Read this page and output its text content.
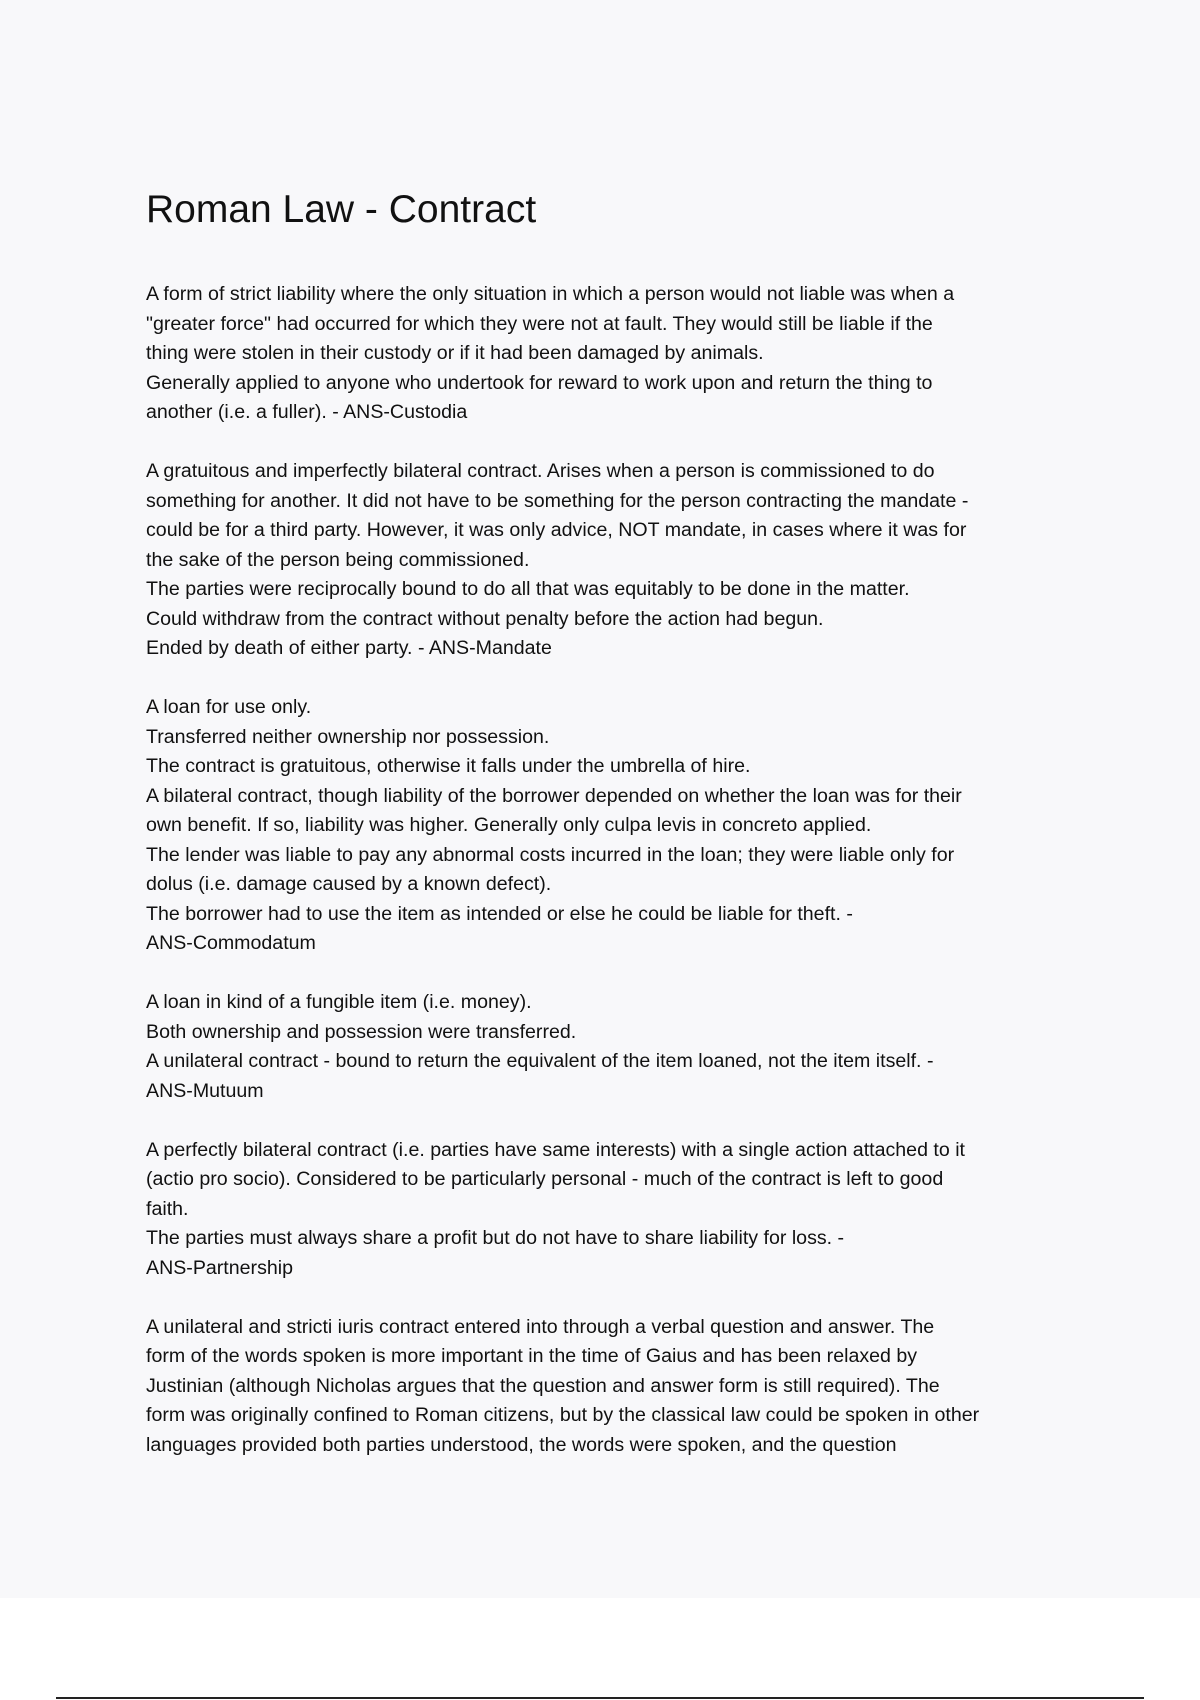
Roman Law - Contract
A form of strict liability where the only situation in which a person would not liable was when a
"greater force" had occurred for which they were not at fault. They would still be liable if the
thing were stolen in their custody or if it had been damaged by animals.
Generally applied to anyone who undertook for reward to work upon and return the thing to
another (i.e. a fuller). - ANS-Custodia
A gratuitous and imperfectly bilateral contract. Arises when a person is commissioned to do
something for another. It did not have to be something for the person contracting the mandate -
could be for a third party. However, it was only advice, NOT mandate, in cases where it was for
the sake of the person being commissioned.
The parties were reciprocally bound to do all that was equitably to be done in the matter.
Could withdraw from the contract without penalty before the action had begun.
Ended by death of either party. - ANS-Mandate
A loan for use only.
Transferred neither ownership nor possession.
The contract is gratuitous, otherwise it falls under the umbrella of hire.
A bilateral contract, though liability of the borrower depended on whether the loan was for their
own benefit. If so, liability was higher. Generally only culpa levis in concreto applied.
The lender was liable to pay any abnormal costs incurred in the loan; they were liable only for
dolus (i.e. damage caused by a known defect).
The borrower had to use the item as intended or else he could be liable for theft. -
ANS-Commodatum
A loan in kind of a fungible item (i.e. money).
Both ownership and possession were transferred.
A unilateral contract - bound to return the equivalent of the item loaned, not the item itself. -
ANS-Mutuum
A perfectly bilateral contract (i.e. parties have same interests) with a single action attached to it
(actio pro socio). Considered to be particularly personal - much of the contract is left to good
faith.
The parties must always share a profit but do not have to share liability for loss. -
ANS-Partnership
A unilateral and stricti iuris contract entered into through a verbal question and answer. The
form of the words spoken is more important in the time of Gaius and has been relaxed by
Justinian (although Nicholas argues that the question and answer form is still required). The
form was originally confined to Roman citizens, but by the classical law could be spoken in other
languages provided both parties understood, the words were spoken, and the question
